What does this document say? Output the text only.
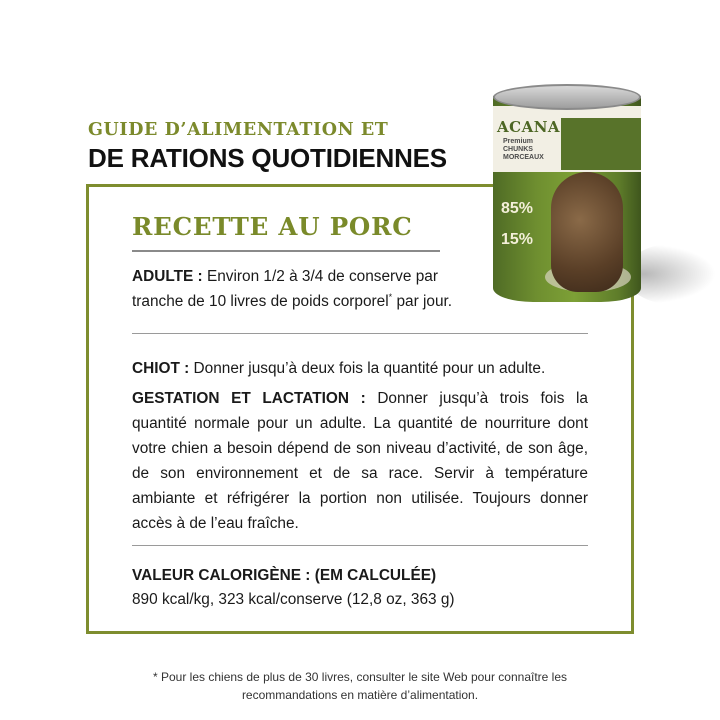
GUIDE D’ALIMENTATION ET
DE RATIONS QUOTIDIENNES
ACANA
Premium CHUNKS MORCEAUX
85%
15%
RECETTE AU PORC
ADULTE : Environ 1/2 à 3/4 de conserve par tranche de 10 livres de poids corporel* par jour.
CHIOT : Donner jusqu’à deux fois la quantité pour un adulte.
GESTATION ET LACTATION : Donner jusqu’à trois fois la quantité normale pour un adulte. La quantité de nourriture dont votre chien a besoin dépend de son niveau d’activité, de son âge, de son environnement et de sa race. Servir à température ambiante et réfrigérer la portion non utilisée. Toujours donner accès à de l’eau fraîche.
VALEUR CALORIGÈNE : (EM CALCULÉE)
890 kcal/kg, 323 kcal/conserve (12,8 oz, 363 g)
* Pour les chiens de plus de 30 livres, consulter le site Web pour connaître les
recommandations en matière d’alimentation.
